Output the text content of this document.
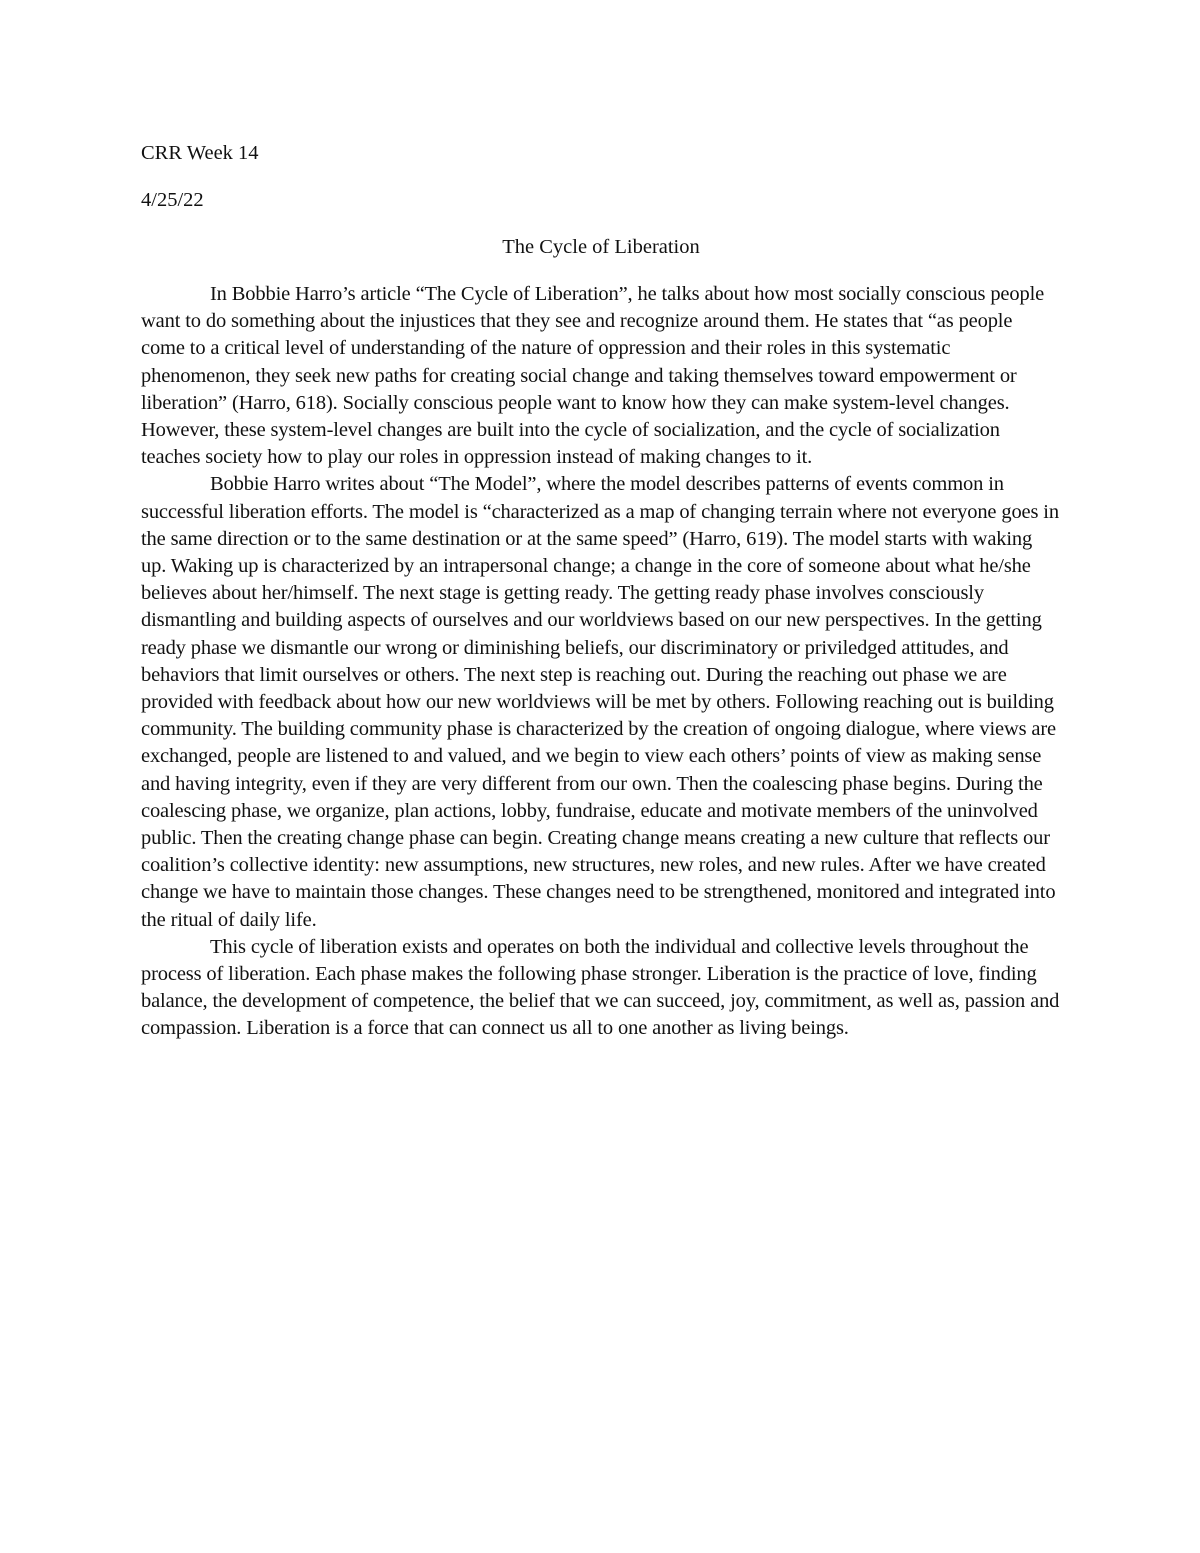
CRR Week 14
4/25/22
The Cycle of Liberation

In Bobbie Harro’s article “The Cycle of Liberation”, he talks about how most socially conscious people want to do something about the injustices that they see and recognize around them. He states that “as people come to a critical level of understanding of the nature of oppression and their roles in this systematic phenomenon, they seek new paths for creating social change and taking themselves toward empowerment or liberation” (Harro, 618). Socially conscious people want to know how they can make system-level changes. However, these system-level changes are built into the cycle of socialization, and the cycle of socialization teaches society how to play our roles in oppression instead of making changes to it.

Bobbie Harro writes about “The Model”, where the model describes patterns of events common in successful liberation efforts. The model is “characterized as a map of changing terrain where not everyone goes in the same direction or to the same destination or at the same speed” (Harro, 619). The model starts with waking up. Waking up is characterized by an intrapersonal change; a change in the core of someone about what he/she believes about her/himself. The next stage is getting ready. The getting ready phase involves consciously dismantling and building aspects of ourselves and our worldviews based on our new perspectives. In the getting ready phase we dismantle our wrong or diminishing beliefs, our discriminatory or priviledged attitudes, and behaviors that limit ourselves or others. The next step is reaching out. During the reaching out phase we are provided with feedback about how our new worldviews will be met by others. Following reaching out is building community. The building community phase is characterized by the creation of ongoing dialogue, where views are exchanged, people are listened to and valued, and we begin to view each others’ points of view as making sense and having integrity, even if they are very different from our own. Then the coalescing phase begins. During the coalescing phase, we organize, plan actions, lobby, fundraise, educate and motivate members of the uninvolved public. Then the creating change phase can begin. Creating change means creating a new culture that reflects our coalition’s collective identity: new assumptions, new structures, new roles, and new rules. After we have created change we have to maintain those changes. These changes need to be strengthened, monitored and integrated into the ritual of daily life.

This cycle of liberation exists and operates on both the individual and collective levels throughout the process of liberation. Each phase makes the following phase stronger. Liberation is the practice of love, finding balance, the development of competence, the belief that we can succeed, joy, commitment, as well as, passion and compassion. Liberation is a force that can connect us all to one another as living beings.
